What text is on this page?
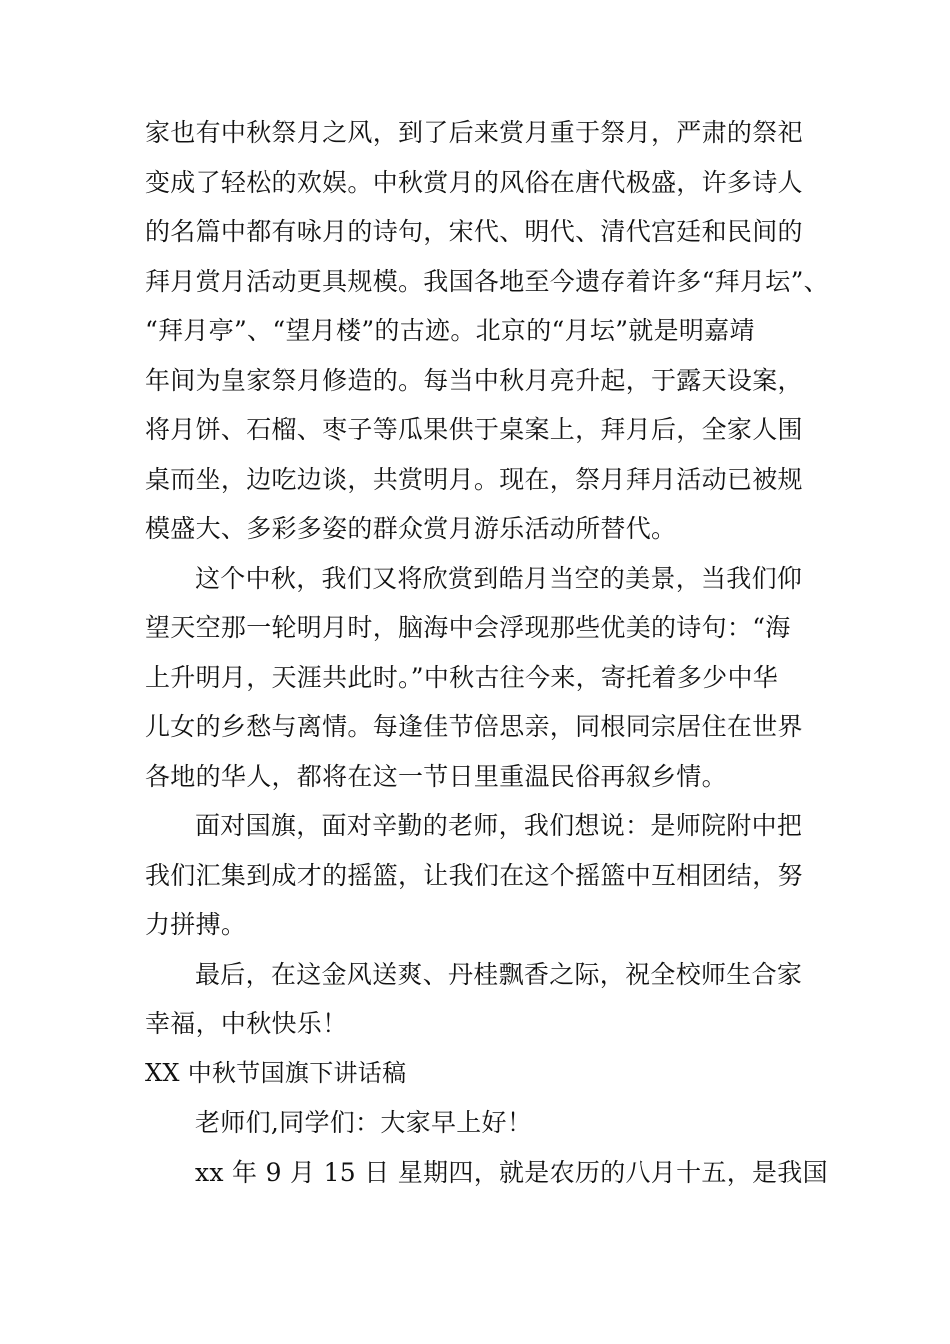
家也有中秋祭月之风，到了后来赏月重于祭月，严肃的祭祀
变成了轻松的欢娱。中秋赏月的风俗在唐代极盛，许多诗人
的名篇中都有咏月的诗句，宋代、明代、清代宫廷和民间的
拜月赏月活动更具规模。我国各地至今遗存着许多“拜月坛”、
“拜月亭”、“望月楼”的古迹。北京的“月坛”就是明嘉靖
年间为皇家祭月修造的。每当中秋月亮升起，于露天设案，
将月饼、石榴、枣子等瓜果供于桌案上，拜月后，全家人围
桌而坐，边吃边谈，共赏明月。现在，祭月拜月活动已被规
模盛大、多彩多姿的群众赏月游乐活动所替代。
这个中秋，我们又将欣赏到皓月当空的美景，当我们仰
望天空那一轮明月时，脑海中会浮现那些优美的诗句：“海
上升明月，天涯共此时。”中秋古往今来，寄托着多少中华
儿女的乡愁与离情。每逢佳节倍思亲，同根同宗居住在世界
各地的华人，都将在这一节日里重温民俗再叙乡情。
面对国旗，面对辛勤的老师，我们想说：是师院附中把
我们汇集到成才的摇篮，让我们在这个摇篮中互相团结，努
力拼搏。
最后，在这金风送爽、丹桂飘香之际，祝全校师生合家
幸福，中秋快乐！
XX 中秋节国旗下讲话稿
老师们,同学们：大家早上好！
xx 年 9 月 15 日 星期四，就是农历的八月十五，是我国
